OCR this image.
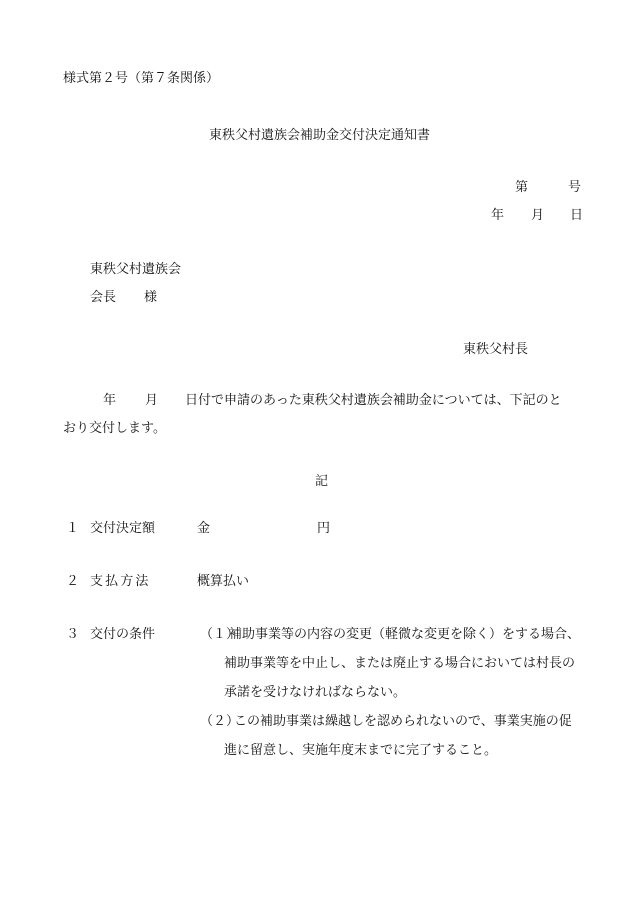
様式第２号（第７条関係）
東秩父村遺族会補助金交付決定通知書
第	号
年 月 日
東秩父村遺族会
会長 様
東秩父村長
年 月 日付で申請のあった東秩父村遺族会補助金については、下記のと
おり交付します。
記
１ 交付決定額	金	円
２ 支 払 方 法	概算払い
３ 交付の条件	（１）
補助事業等の内容の変更（軽微な変更を除く）をする場合、
補助事業等を中止し、または廃止する場合においては村長の
承諾を受けなければならない。
（２）
この補助事業は繰越しを認められないので、事業実施の促
進に留意し、実施年度末までに完了すること。
